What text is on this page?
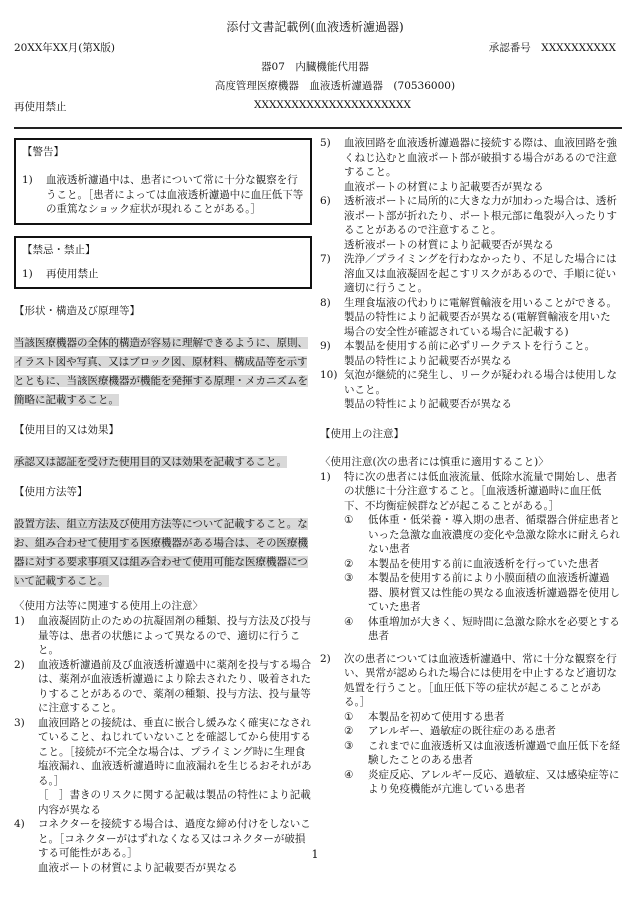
添付文書記載例(血液透析濾過器)
20XX年XX月(第X版)	承認番号　XXXXXXXXXX
器07　内臓機能代用器
高度管理医療機器　血液透析濾過器　(70536000)
再使用禁止	XXXXXXXXXXXXXXXXXXXXX
【警告】
1)	血液透析濾過中は、患者について常に十分な観察を行うこと。［患者によっては血液透析濾過中に血圧低下等の重篤なショック症状が現れることがある。］
【禁忌・禁止】
1)	再使用禁止

【形状・構造及び原理等】

当該医療機器の全体的構造が容易に理解できるように、原則、イラスト図や写真、又はブロック図、原材料、構成品等を示すとともに、当該医療機器が機能を発揮する原理・メカニズムを簡略に記載すること。

【使用目的又は効果】

承認又は認証を受けた使用目的又は効果を記載すること。

【使用方法等】

設置方法、組立方法及び使用方法等について記載すること。なお、組み合わせて使用する医療機器がある場合は、その医療機器に対する要求事項又は組み合わせて使用可能な医療機器について記載すること。

〈使用方法等に関連する使用上の注意〉

1)	血液凝固防止のための抗凝固剤の種類、投与方法及び投与量等は、患者の状態によって異なるので、適切に行うこと。
2)	血液透析濾過前及び血液透析濾過中に薬剤を投与する場合は、薬剤が血液透析濾過により除去されたり、吸着されたりすることがあるので、薬剤の種類、投与方法、投与量等に注意すること。
3)	血液回路との接続は、垂直に嵌合し緩みなく確実になされていること、ねじれていないことを確認してから使用すること。［接続が不完全な場合は、プライミング時に生理食塩液漏れ、血液透析濾過時に血液漏れを生じるおそれがある。］
［　］書きのリスクに関する記載は製品の特性により記載内容が異なる
4)	コネクターを接続する場合は、過度な締め付けをしないこと。［コネクターがはずれなくなる又はコネクターが破損する可能性がある。］
血液ポートの材質により記載要否が異なる
5)	血液回路を血液透析濾過器に接続する際は、血液回路を強くねじ込むと血液ポート部が破損する場合があるので注意すること。
血液ポートの材質により記載要否が異なる
6)	透析液ポートに局所的に大きな力が加わった場合は、透析液ポート部が折れたり、ポート根元部に亀裂が入ったりすることがあるので注意すること。
透析液ポートの材質により記載要否が異なる
7)	洗浄／プライミングを行わなかったり、不足した場合には溶血又は血液凝固を起こすリスクがあるので、手順に従い適切に行うこと。
8)	生理食塩液の代わりに電解質輸液を用いることができる。
製品の特性により記載要否が異なる(電解質輸液を用いた場合の安全性が確認されている場合に記載する)
9)	本製品を使用する前に必ずリークテストを行うこと。
製品の特性により記載要否が異なる
10) 気泡が継続的に発生し、リークが疑われる場合は使用しないこと。
製品の特性により記載要否が異なる

【使用上の注意】

〈使用注意(次の患者には慎重に適用すること)〉

1)	特に次の患者には低血液流量、低除水流量で開始し、患者の状態に十分注意すること。［血液透析濾過時に血圧低下、不均衡症候群などが起こることがある。］
①	低体重・低栄養・導入期の患者、循環器合併症患者といった急激な血液濃度の変化や急激な除水に耐えられない患者
②	本製品を使用する前に血液透析を行っていた患者
③	本製品を使用する前により小膜面積の血液透析濾過器、膜材質又は性能の異なる血液透析濾過器を使用していた患者
④	体重増加が大きく、短時間に急激な除水を必要とする患者
2)	次の患者については血液透析濾過中、常に十分な観察を行い、異常が認められた場合には使用を中止するなど適切な処置を行うこと。［血圧低下等の症状が起こることがある。］
①	本製品を初めて使用する患者
②	アレルギー、過敏症の既往症のある患者
③	これまでに血液透析又は血液透析濾過で血圧低下を経験したことのある患者
④	炎症反応、アレルギー反応、過敏症、又は感染症等により免疫機能が亢進している患者
1
